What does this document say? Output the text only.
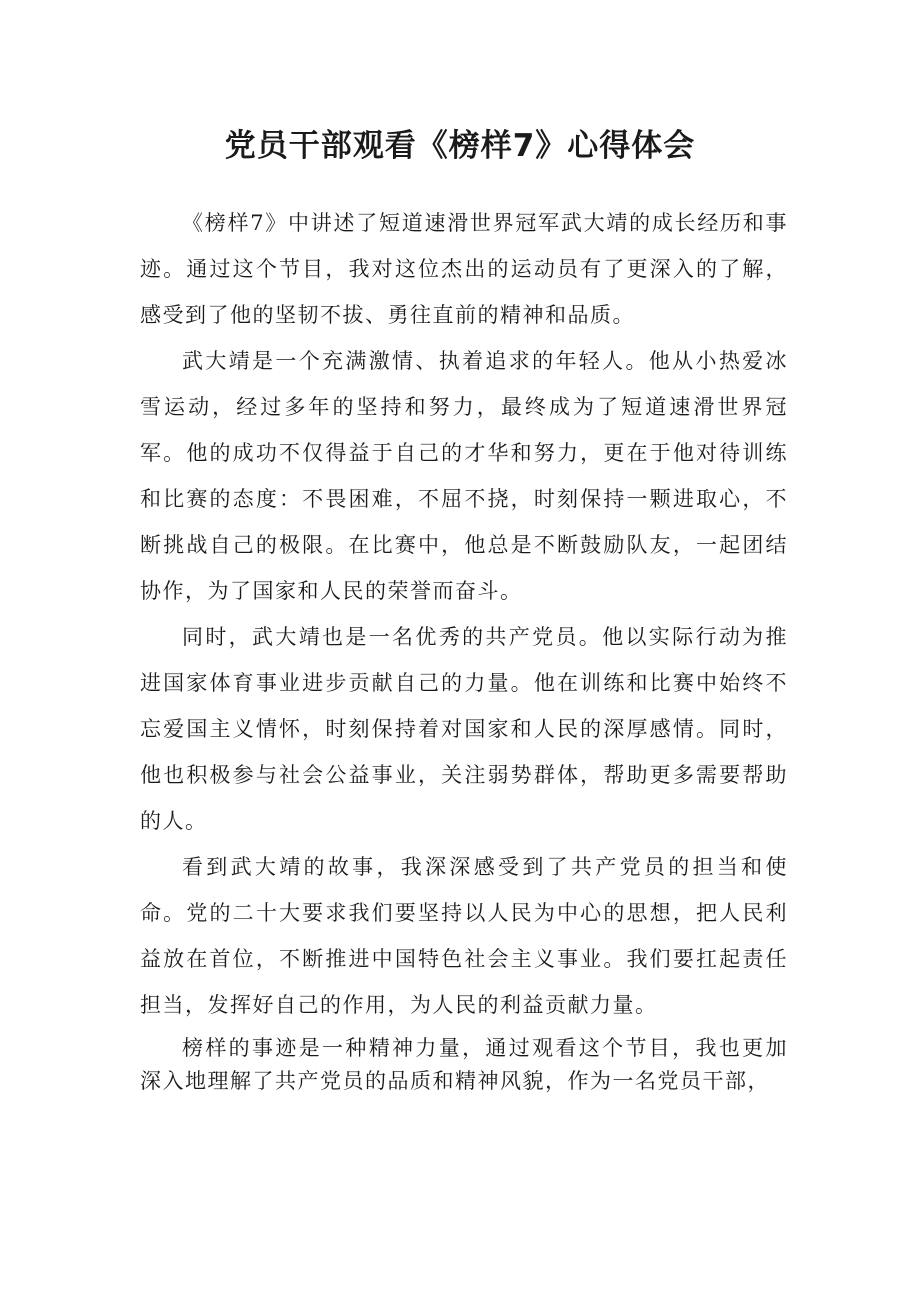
党员干部观看《榜样7》心得体会

《榜样7》中讲述了短道速滑世界冠军武大靖的成长经历和事迹。通过这个节目，我对这位杰出的运动员有了更深入的了解，感受到了他的坚韧不拔、勇往直前的精神和品质。

武大靖是一个充满激情、执着追求的年轻人。他从小热爱冰雪运动，经过多年的坚持和努力，最终成为了短道速滑世界冠军。他的成功不仅得益于自己的才华和努力，更在于他对待训练和比赛的态度：不畏困难，不屈不挠，时刻保持一颗进取心，不断挑战自己的极限。在比赛中，他总是不断鼓励队友，一起团结协作，为了国家和人民的荣誉而奋斗。

同时，武大靖也是一名优秀的共产党员。他以实际行动为推进国家体育事业进步贡献自己的力量。他在训练和比赛中始终不忘爱国主义情怀，时刻保持着对国家和人民的深厚感情。同时，他也积极参与社会公益事业，关注弱势群体，帮助更多需要帮助的人。

看到武大靖的故事，我深深感受到了共产党员的担当和使命。党的二十大要求我们要坚持以人民为中心的思想，把人民利益放在首位，不断推进中国特色社会主义事业。我们要扛起责任担当，发挥好自己的作用，为人民的利益贡献力量。

榜样的事迹是一种精神力量，通过观看这个节目，我也更加深入地理解了共产党员的品质和精神风貌，作为一名党员干部，
